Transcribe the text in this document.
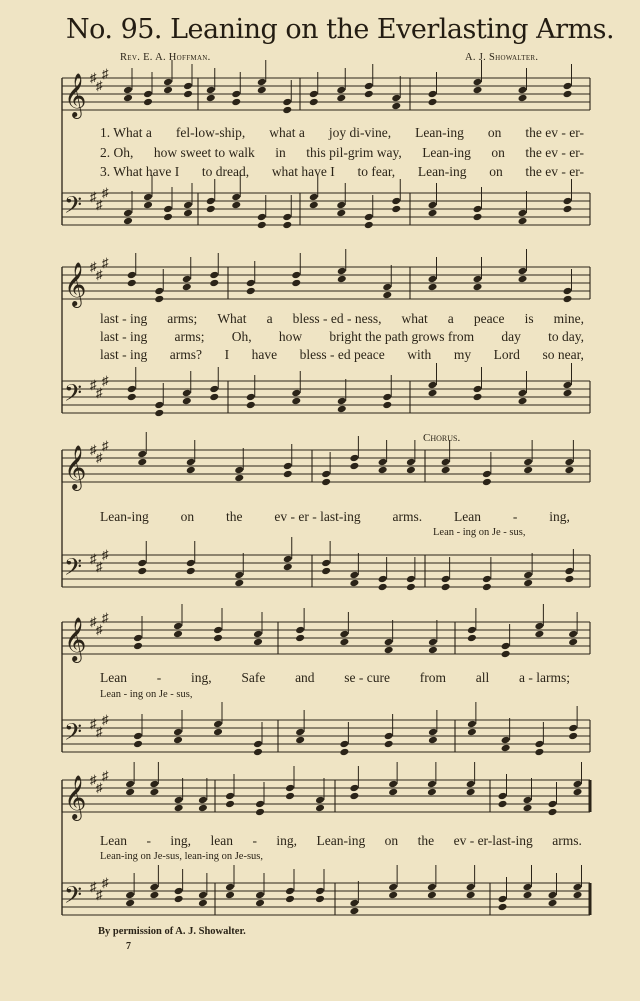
No. 95. Leaning on the Everlasting Arms.
Rev. E. A. Hoffman.	A. J. Showalter.
𝄞 ♯
♯
♯
𝄢 ♯
♯
♯
𝄞 ♯
♯
♯
𝄢 ♯
♯
♯
𝄞 ♯
♯
♯
𝄢 ♯
♯
♯
𝄞 ♯
♯
♯
𝄢 ♯
♯
♯
𝄞 ♯
♯
♯
𝄢 ♯
♯
♯
1. What a fel-low-ship, what a joy di-vine, Lean-ing on the ev - er-
2. Oh, how sweet to walk in this pil-grim way, Lean-ing on the ev - er-
3. What have I to dread, what have I to fear, Lean-ing on the ev - er-
last - ing arms; What a bless - ed - ness, what a peace is mine,
last - ing arms; Oh, how bright the path grows from day to day,
last - ing arms? I have bless - ed peace with my Lord so near,
Chorus.
Lean-ing on the ev - er - last-ing arms. Lean - ing,
Lean - ing on Je - sus,
Lean - ing, Safe and se - cure from all a - larms;
Lean - ing on Je - sus,
Lean - ing, lean - ing, Lean-ing on the ev - er-last-ing arms.
Lean-ing on Je-sus, lean-ing on Je-sus,
By permission of A. J. Showalter.
7
